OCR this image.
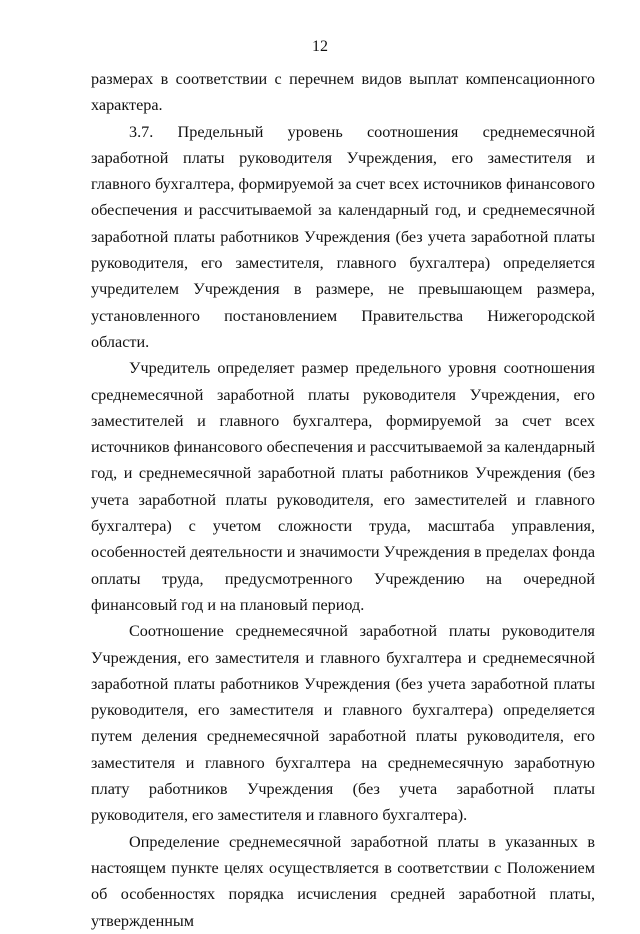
12

размерах в соответствии с перечнем видов выплат компенсационного характера.

3.7. Предельный уровень соотношения среднемесячной заработной платы руководителя Учреждения, его заместителя и главного бухгалтера, формируемой за счет всех источников финансового обеспечения и рассчитываемой за календарный год, и среднемесячной заработной платы работников Учреждения (без учета заработной платы руководителя, его заместителя, главного бухгалтера) определяется учредителем Учреждения в размере, не превышающем размера, установленного постановлением Правительства Нижегородской области.

Учредитель определяет размер предельного уровня соотношения среднемесячной заработной платы руководителя Учреждения, его заместителей и главного бухгалтера, формируемой за счет всех источников финансового обеспечения и рассчитываемой за календарный год, и среднемесячной заработной платы работников Учреждения (без учета заработной платы руководителя, его заместителей и главного бухгалтера) с учетом сложности труда, масштаба управления, особенностей деятельности и значимости Учреждения в пределах фонда оплаты труда, предусмотренного Учреждению на очередной финансовый год и на плановый период.

Соотношение среднемесячной заработной платы руководителя Учреждения, его заместителя и главного бухгалтера и среднемесячной заработной платы работников Учреждения (без учета заработной платы руководителя, его заместителя и главного бухгалтера) определяется путем деления среднемесячной заработной платы руководителя, его заместителя и главного бухгалтера на среднемесячную заработную плату работников Учреждения (без учета заработной платы руководителя, его заместителя и главного бухгалтера).

Определение среднемесячной заработной платы в указанных в настоящем пункте целях осуществляется в соответствии с Положением об особенностях порядка исчисления средней заработной платы, утвержденным
